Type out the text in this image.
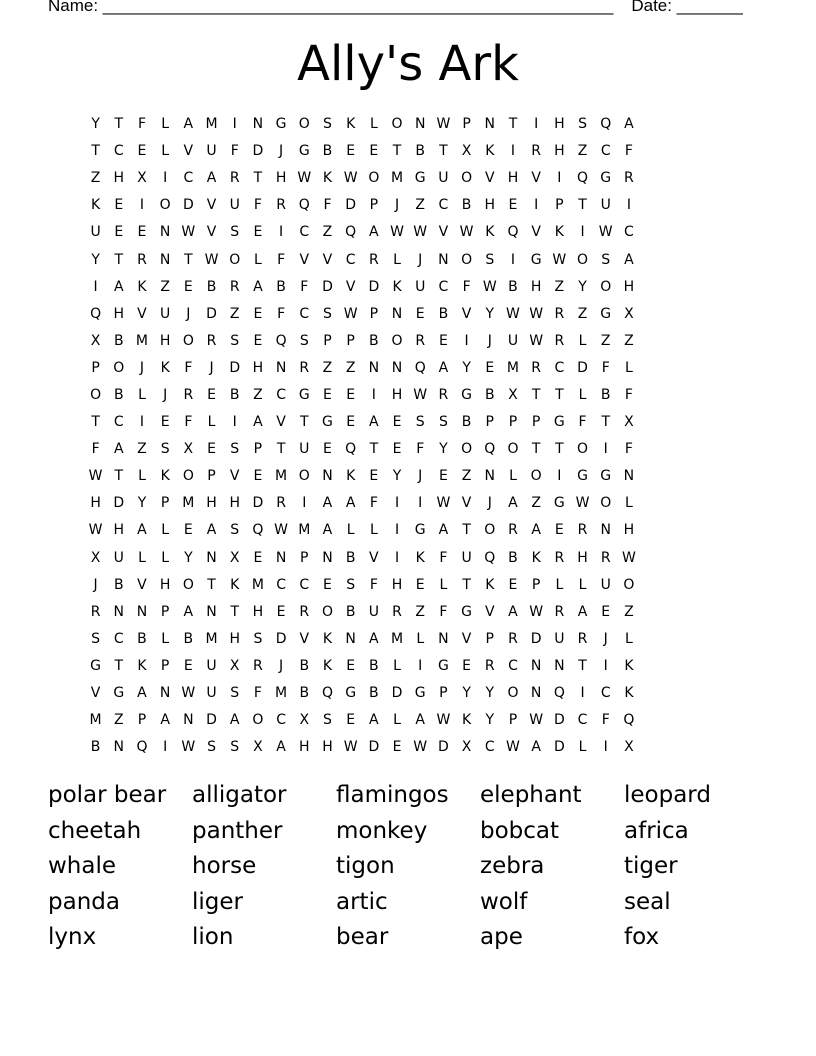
Name: ______________________________________________________ Date: _______
Ally's Ark
Y	T	F	L	A M	I	N G O S	K	L O N W P N T	I	H S Q A
T	C E	L	V U	F D	J	G B E	E	T	B	T	X K	I	R H Z C	F
Z H X	I	C A R	T H W K W O M G U O V H V	I	Q G R
K	E	I	O D V U	F	R Q F D P	J	Z C B H E	I	P	T U	I
U E	E N W V S	E	I	C Z Q A W W V W K Q V K	I	W C
Y	T	R N T W O L	F	V V C R	L	J	N O S	I	G W O S A
I	A K Z E B R A B	F D V D K U C	F W B H Z	Y O H
Q H V U	J	D Z E	F	C S W P N E B V	Y W W R Z G X
X B M H O R S	E Q S	P	P	B O R E	I	J	U W R	L	Z Z
P O	J	K	F	J	D H N R Z Z N N Q A	Y	E M R C D F	L
O B	L	J	R E B Z C G E	E	I	H W R G B X	T	T	L	B	F
T	C	I	E	F	L	I	A V	T G E A E	S	S B	P	P	P G F	T	X
F	A Z S X E	S	P	T U E Q T	E	F	Y O Q O T	T O	I	F
W T	L	K O P	V E M O N K	E	Y	J	E Z N	L O	I	G G N
H D Y	P M H H D R	I	A A	F	I	I	W V	J	A Z G W O L
W H A	L	E A S Q W M A	L	L	I	G A	T O R A E R N H
X U	L	L	Y N X E N P N B V	I	K	F	U Q B K R H R W
J	B V H O T	K M C C E	S	F H E	L	T	K	E	P	L	L	U O
R N N P	A N T H E R O B U R Z	F G V A W R A E Z
S C B	L	B M H S D V K N A M L	N V	P	R D U R	J	L
G T	K	P	E U X R	J	B K	E B	L	I	G E R C N N T	I	K
V G A N W U S	F M B Q G B D G P	Y	Y O N Q	I	C K
M Z	P	A N D A O C X S	E A	L	A W K	Y	P W D C	F Q
B N Q	I	W S	S X A H H W D E W D X C W A D L	I	X
polar bear	alligator	flamingos	elephant	leopard
cheetah	panther	monkey	bobcat	africa
whale	horse	tigon	zebra	tiger
panda	liger	artic	wolf	seal
lynx	lion	bear	ape	fox
